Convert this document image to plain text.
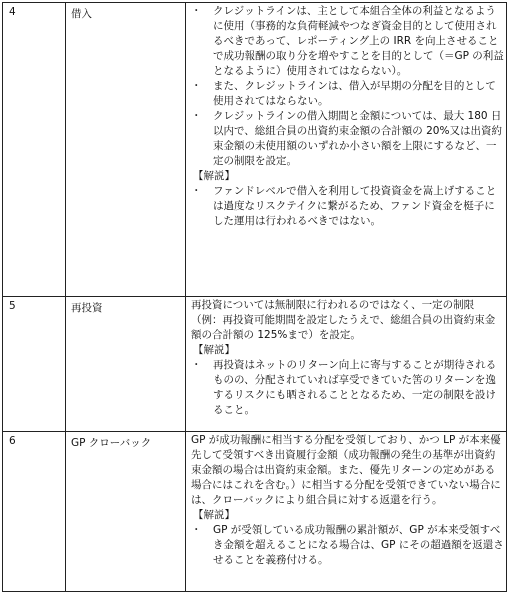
4	借入
・	クレジットラインは、主として本組合全体の利益となるように使用（事務的な負荷軽減やつなぎ資金目的として使用されるべきであって、レポーティング上の IRR を向上させることで成功報酬の取り分を増やすことを目的として（＝GP の利益となるように）使用されてはならない）。
・ また、クレジットラインは、借入が早期の分配を目的として使用されてはならない。
・ クレジットラインの借入期間と金額については、最大 180 日以内で、総組合員の出資約束金額の合計額の 20%又は出資約束金額の未使用額のいずれか小さい額を上限にするなど、一定の制限を設定。
【解説】
・ ファンドレベルで借入を利用して投資資金を嵩上げすることは過度なリスクテイクに繋がるため、ファンド資金を梃子にした運用は行われるべきではない。
5	再投資	再投資については無制限に行われるのではなく、一定の制限（例：再投資可能期間を設定したうえで、総組合員の出資約束金額の合計額の 125%まで）を設定。
【解説】
・ 再投資はネットのリターン向上に寄与することが期待されるものの、分配されていれば享受できていた筈のリターンを逸するリスクにも晒されることとなるため、一定の制限を設けること。
6	GP クローバック	GP が成功報酬に相当する分配を受領しており、かつ LP が本来優先して受領すべき出資履行金額（成功報酬の発生の基準が出資約束金額の場合は出資約束金額。また、優先リターンの定めがある場合にはこれを含む。）に相当する分配を受領できていない場合には、クローバックにより組合員に対する返還を行う。
【解説】
・ GP が受領している成功報酬の累計額が、GP が本来受領すべき金額を超えることになる場合は、GP にその超過額を返還させることを義務付ける。
